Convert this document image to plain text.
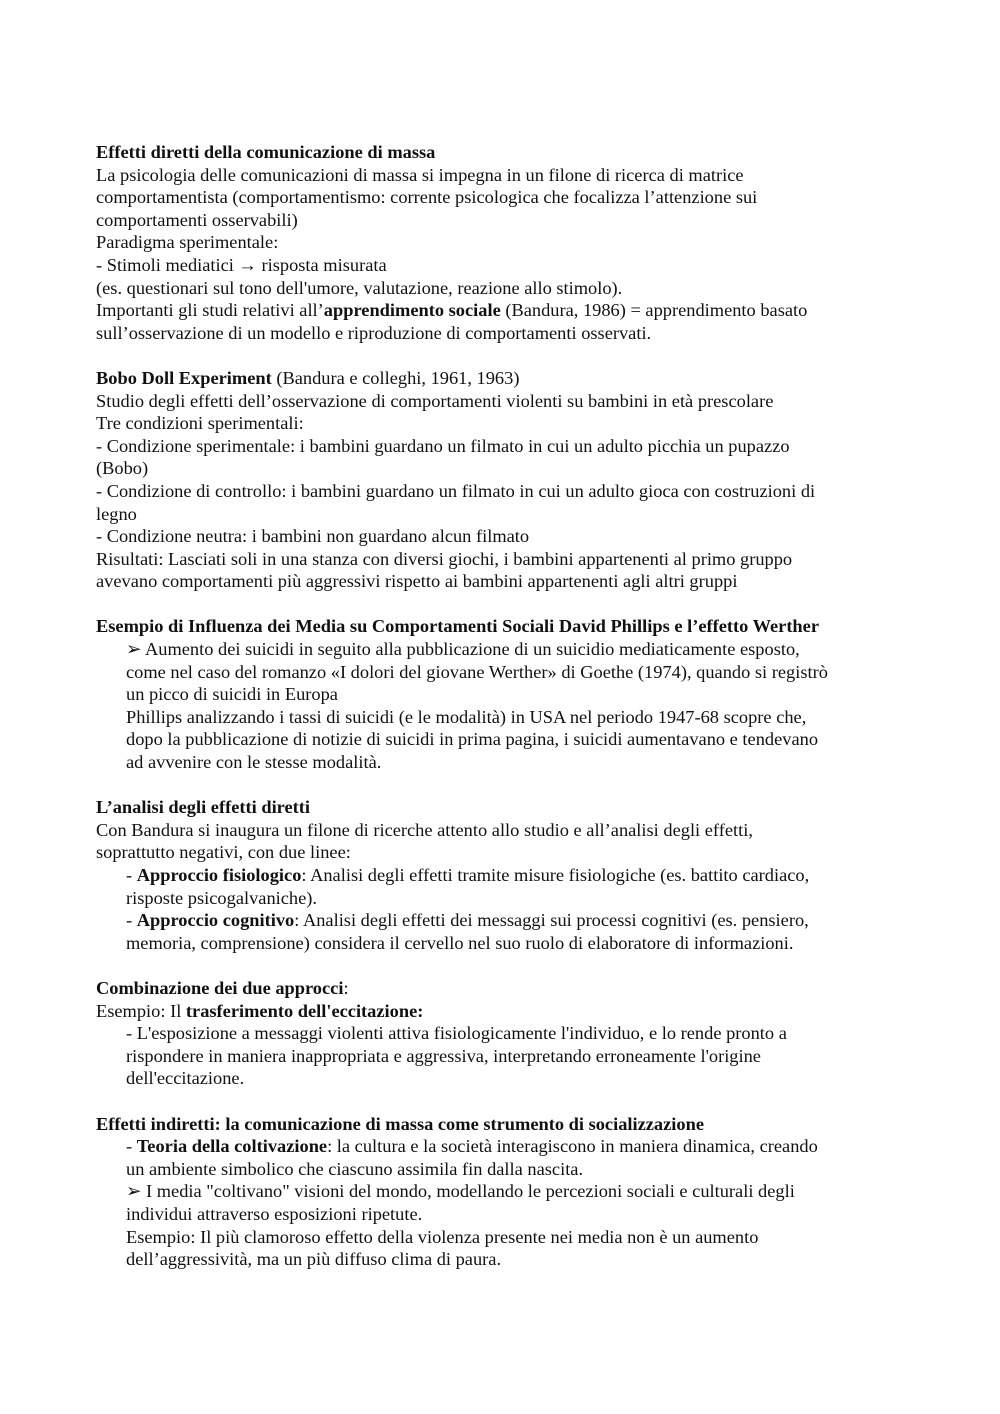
Effetti diretti della comunicazione di massa
La psicologia delle comunicazioni di massa si impegna in un filone di ricerca di matrice
comportamentista (comportamentismo: corrente psicologica che focalizza l’attenzione sui
comportamenti osservabili)
Paradigma sperimentale:
- Stimoli mediatici → risposta misurata
(es. questionari sul tono dell'umore, valutazione, reazione allo stimolo).
Importanti gli studi relativi all’apprendimento sociale (Bandura, 1986) = apprendimento basato
sull’osservazione di un modello e riproduzione di comportamenti osservati.
Bobo Doll Experiment (Bandura e colleghi, 1961, 1963)
Studio degli effetti dell’osservazione di comportamenti violenti su bambini in età prescolare
Tre condizioni sperimentali:
- Condizione sperimentale: i bambini guardano un filmato in cui un adulto picchia un pupazzo
(Bobo)
- Condizione di controllo: i bambini guardano un filmato in cui un adulto gioca con costruzioni di
legno
- Condizione neutra: i bambini non guardano alcun filmato
Risultati: Lasciati soli in una stanza con diversi giochi, i bambini appartenenti al primo gruppo
avevano comportamenti più aggressivi rispetto ai bambini appartenenti agli altri gruppi
Esempio di Influenza dei Media su Comportamenti Sociali David Phillips e l’effetto Werther
➢ Aumento dei suicidi in seguito alla pubblicazione di un suicidio mediaticamente esposto,
come nel caso del romanzo «I dolori del giovane Werther» di Goethe (1974), quando si registrò
un picco di suicidi in Europa
Phillips analizzando i tassi di suicidi (e le modalità) in USA nel periodo 1947-68 scopre che,
dopo la pubblicazione di notizie di suicidi in prima pagina, i suicidi aumentavano e tendevano
ad avvenire con le stesse modalità.
L’analisi degli effetti diretti
Con Bandura si inaugura un filone di ricerche attento allo studio e all’analisi degli effetti,
soprattutto negativi, con due linee:
- Approccio fisiologico: Analisi degli effetti tramite misure fisiologiche (es. battito cardiaco,
risposte psicogalvaniche).
- Approccio cognitivo: Analisi degli effetti dei messaggi sui processi cognitivi (es. pensiero,
memoria, comprensione) considera il cervello nel suo ruolo di elaboratore di informazioni.
Combinazione dei due approcci:
Esempio: Il trasferimento dell'eccitazione:
- L'esposizione a messaggi violenti attiva fisiologicamente l'individuo, e lo rende pronto a
rispondere in maniera inappropriata e aggressiva, interpretando erroneamente l'origine
dell'eccitazione.
Effetti indiretti: la comunicazione di massa come strumento di socializzazione
- Teoria della coltivazione: la cultura e la società interagiscono in maniera dinamica, creando
un ambiente simbolico che ciascuno assimila fin dalla nascita.
➢ I media "coltivano" visioni del mondo, modellando le percezioni sociali e culturali degli
individui attraverso esposizioni ripetute.
Esempio: Il più clamoroso effetto della violenza presente nei media non è un aumento
dell’aggressività, ma un più diffuso clima di paura.
